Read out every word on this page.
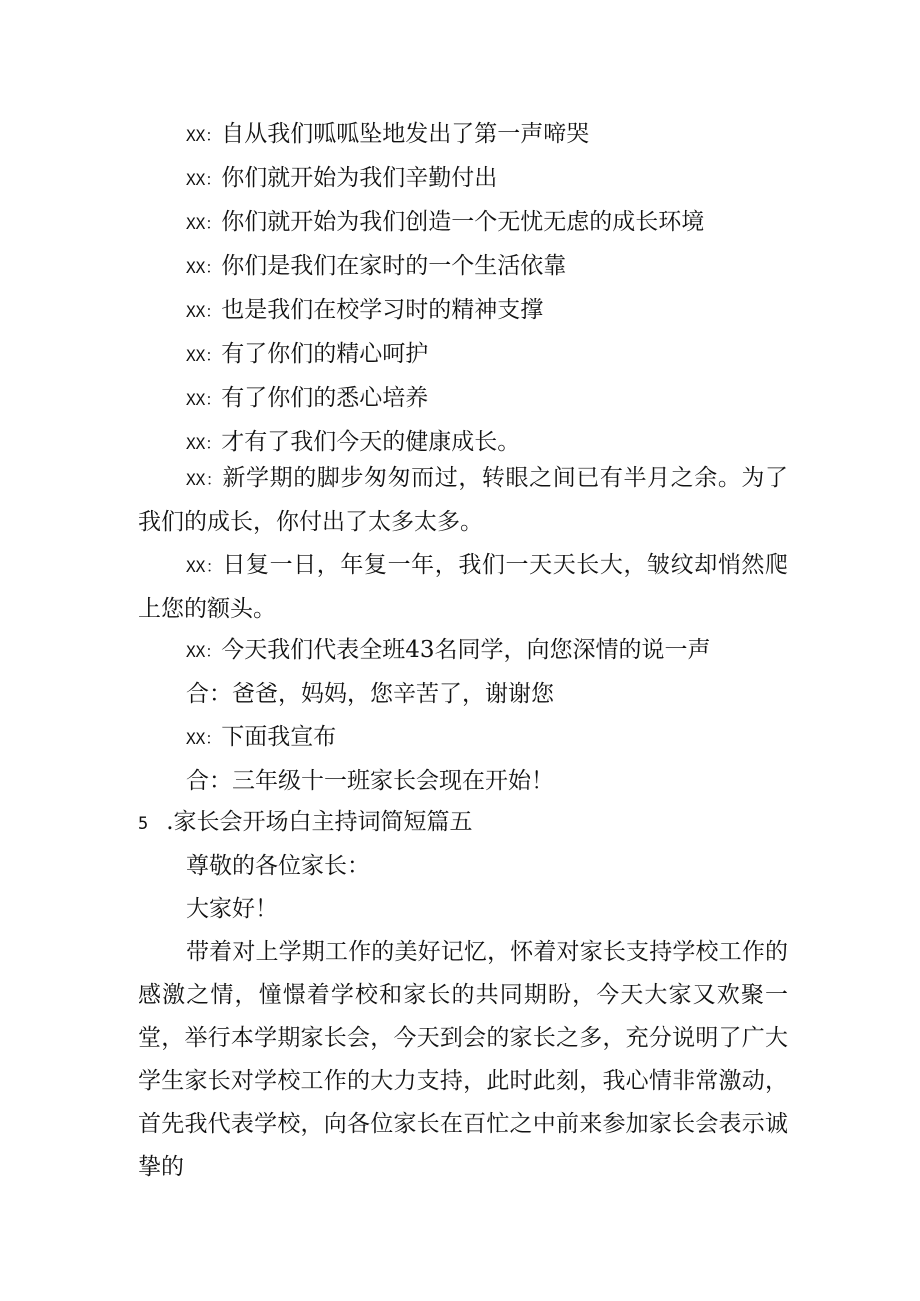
XX：自从我们呱呱坠地发出了第一声啼哭

XX：你们就开始为我们辛勤付出

XX：你们就开始为我们创造一个无忧无虑的成长环境

XX：你们是我们在家时的一个生活依靠

XX：也是我们在校学习时的精神支撑

XX：有了你们的精心呵护

XX：有了你们的悉心培养

XX：才有了我们今天的健康成长。

XX：新学期的脚步匆匆而过，转眼之间已有半月之余。为了我们的成长，你付出了太多太多。

XX：日复一日，年复一年，我们一天天长大，皱纹却悄然爬上您的额头。

XX：今天我们代表全班43名同学，向您深情的说一声

合：爸爸，妈妈，您辛苦了，谢谢您

XX：下面我宣布

合：三年级十一班家长会现在开始！

5 .家长会开场白主持词简短篇五

尊敬的各位家长：

大家好！

带着对上学期工作的美好记忆，怀着对家长支持学校工作的感激之情，憧憬着学校和家长的共同期盼，今天大家又欢聚一堂，举行本学期家长会，今天到会的家长之多，充分说明了广大学生家长对学校工作的大力支持，此时此刻，我心情非常激动，首先我代表学校，向各位家长在百忙之中前来参加家长会表示诚挚的
